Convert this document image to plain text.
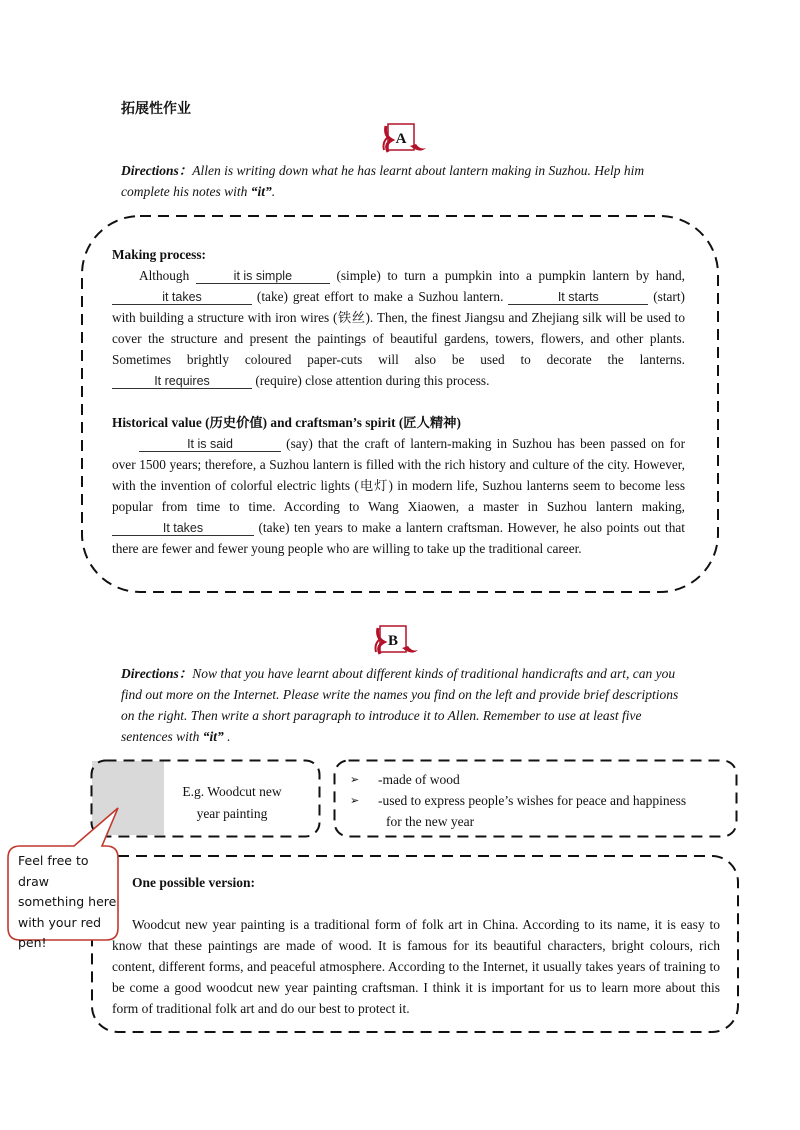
拓展性作业
A
Directions：Allen is writing down what he has learnt about lantern making in Suzhou. Help him complete his notes with “it”.

Making process:

Although	it is simple	(simple) to turn a pumpkin into a pumpkin lantern by hand, it takes	(take) great effort to make a Suzhou lantern.	It starts	(start) with building a structure with iron wires (铁丝). Then, the finest Jiangsu and Zhejiang silk will be used to cover the structure and present the paintings of beautiful gardens, towers, flowers, and other plants. Sometimes brightly coloured paper-cuts will also be used to decorate the lanterns. It requires	(require) close attention during this process.

Historical value (历史价值) and craftsman’s spirit (匠人精神)

It is said	(say) that the craft of lantern-making in Suzhou has been passed on for over 1500 years; therefore, a Suzhou lantern is filled with the rich history and culture of the city. However, with the invention of colorful electric lights (电灯) in modern life, Suzhou lanterns seem to become less popular from time to time. According to Wang Xiaowen, a master in Suzhou lantern making, It takes	(take) ten years to make a lantern craftsman. However, he also points out that there are fewer and fewer young people who are willing to take up the traditional career.

B
Directions：Now that you have learnt about different kinds of traditional handicrafts and art, can you find out more on the Internet. Please write the names you find on the left and provide brief descriptions on the right. Then write a short paragraph to introduce it to Allen. Remember to use at least five sentences with “it” .
E.g. Woodcut new
year painting
➢	-made of wood
➢	-used to express people’s wishes for peace and happiness
for the new year

One possible version:

Woodcut new year painting is a traditional form of folk art in China. According to its name, it is easy to know that these paintings are made of wood. It is famous for its beautiful characters, bright colours, rich content, different forms, and peaceful atmosphere. According to the Internet, it usually takes years of training to be come a good woodcut new year painting craftsman. I think it is important for us to learn more about this form of traditional folk art and do our best to protect it.

Feel free to draw something here with your red pen!
